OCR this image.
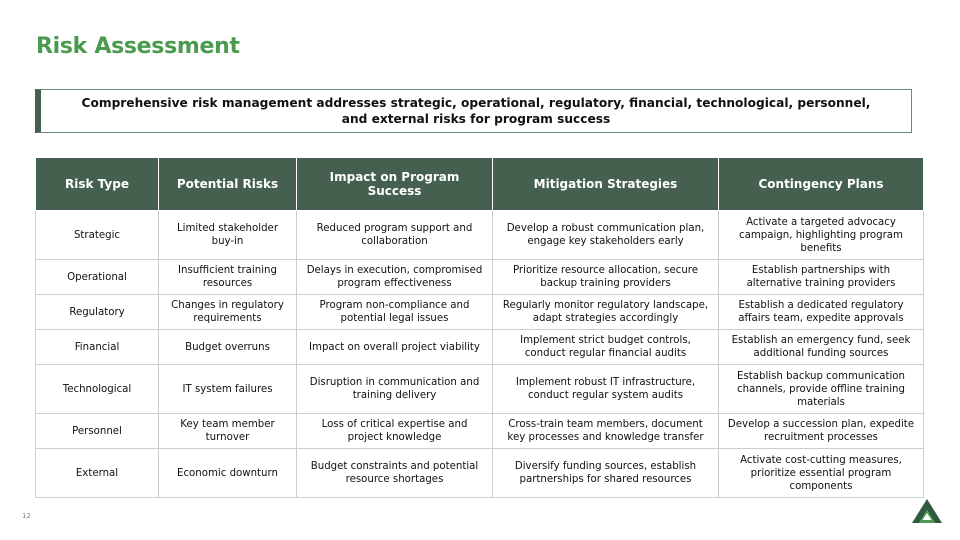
Risk Assessment
Comprehensive risk management addresses strategic, operational, regulatory, financial, technological, personnel, and external risks for program success
Risk Type	Potential Risks	Impact on Program Success	Mitigation Strategies	Contingency Plans
Strategic	Limited stakeholder buy-in	Reduced program support and collaboration	Develop a robust communication plan, engage key stakeholders early	Activate a targeted advocacy campaign, highlighting program benefits
Operational	Insufficient training resources	Delays in execution, compromised program effectiveness	Prioritize resource allocation, secure backup training providers	Establish partnerships with alternative training providers
Regulatory	Changes in regulatory requirements	Program non-compliance and potential legal issues	Regularly monitor regulatory landscape, adapt strategies accordingly	Establish a dedicated regulatory affairs team, expedite approvals
Financial	Budget overruns	Impact on overall project viability	Implement strict budget controls, conduct regular financial audits	Establish an emergency fund, seek additional funding sources
Technological	IT system failures	Disruption in communication and training delivery	Implement robust IT infrastructure, conduct regular system audits	Establish backup communication channels, provide offline training materials
Personnel	Key team member turnover	Loss of critical expertise and project knowledge	Cross-train team members, document key processes and knowledge transfer	Develop a succession plan, expedite recruitment processes
External	Economic downturn	Budget constraints and potential resource shortages	Diversify funding sources, establish partnerships for shared resources	Activate cost-cutting measures, prioritize essential program components
12
